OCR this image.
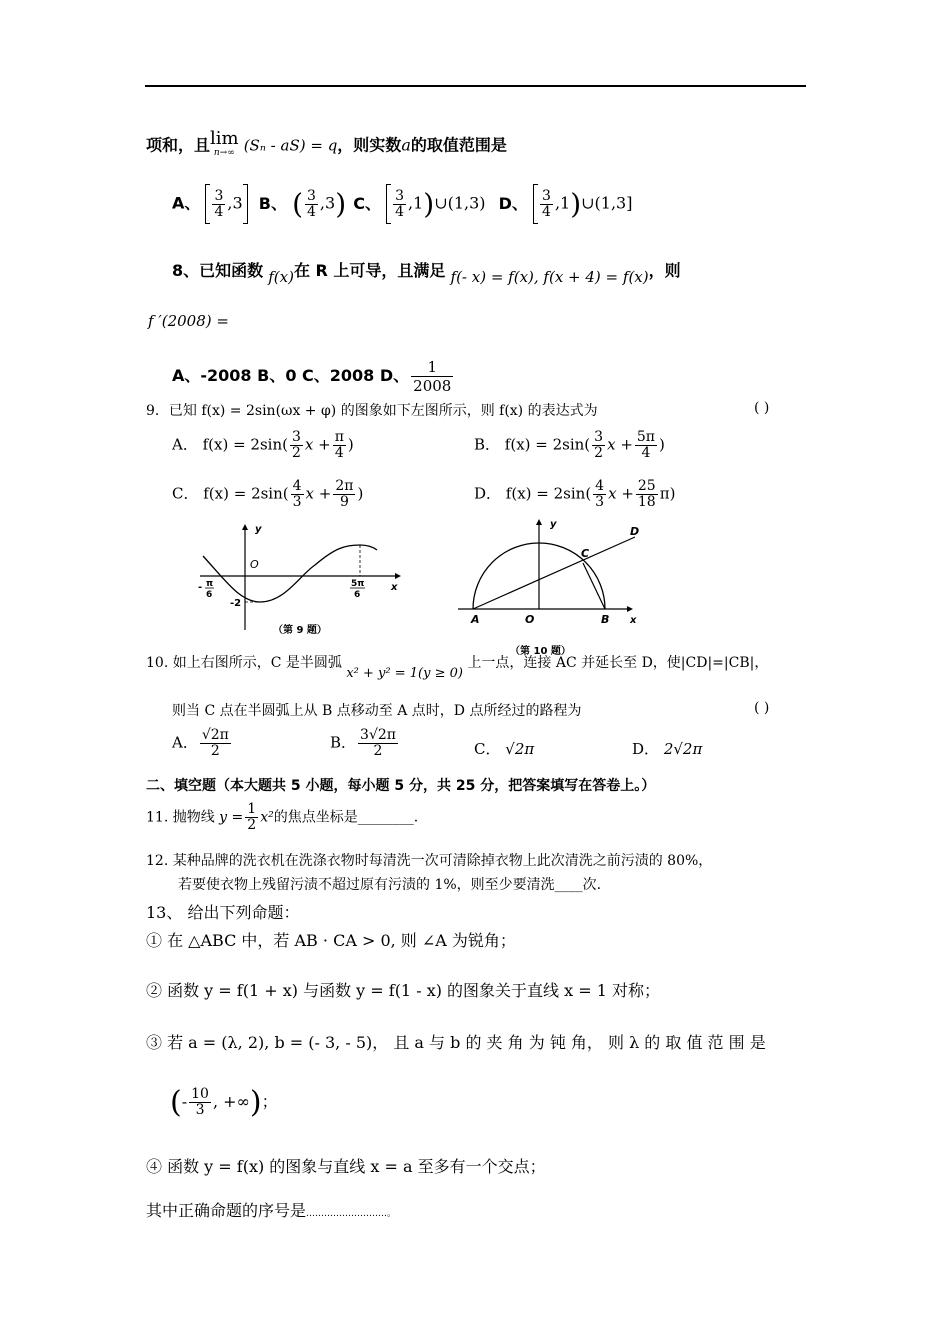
项和，且 lim
n→∞ (Sₙ - aS) = q，则实数a的取值范围是
A、 $\frac{3}{4} ,3$ B、 ( $\frac{3}{4} ,3$) C、 $\frac{3}{4}$ ,1)∪(1,3) D、 $\frac{3}{4}$ ,1)∪(1,3]
8、已知函数 f(x)在 R 上可导，且满足 f(- x) = f(x), f(x + 4) = f(x)，则
f ′(2008) =
A、-2008 B、0 C、2008 D、 $\frac{1}{2008}$
9．已知 f(x) = 2sin(ωx + φ) 的图象如下左图所示，则 f(x) 的表达式为	( )
A． $f(x) = 2\sin( \frac{3}{2}$ $x + \frac{\pi}{4}$ )	B． $f(x) = 2\sin( \frac{3}{2}$ $x + \frac{5\pi}{4}$ )
C． $f(x) = 2\sin( \frac{4}{3}$ $x + \frac{2\pi}{9}$ )	D． $f(x) = 2\sin( \frac{4}{3}$ $x + \frac{25}{18} \pi$)
y
O
x
-2
- π
6
5π
6
（第 9 题）
y
C
D
A	O	B x
（第 10 题）
10. 如上右图所示，C 是半圆弧 x² + y² = 1(y ≥ 0) 上一点，连接 AC 并延长至 D，使|CD|=|CB|，
则当 C 点在半圆弧上从 B 点移动至 A 点时，D 点所经过的路程为	( )
A． $\frac{√2\pi}{2}$	B． $\frac{3√2\pi}{2}$	C． √2π	D． 2√2π
二、填空题（本大题共 5 小题，每小题 5 分，共 25 分，把答案填写在答卷上。）
11. 抛物线 $y = \frac{1}{2} x^2$的焦点坐标是________.
12. 某种品牌的洗衣机在洗涤衣物时每清洗一次可清除掉衣物上此次清洗之前污渍的 80%，
若要使衣物上残留污渍不超过原有污渍的 1%，则至少要清洗____次.
13、 给出下列命题：
① 在 △ABC 中，若 AB · CA > 0, 则 ∠A 为锐角；
② 函数 y = f(1 + x) 与函数 y = f(1 - x) 的图象关于直线 x = 1 对称；
③ 若 a = (λ, 2), b = (- 3, - 5)， 且 a 与 b 的 夹 角 为 钝 角， 则 λ 的 取 值 范 围 是
(- $\frac{10}{3}$ , +∞)；
④ 函数 y = f(x) 的图象与直线 x = a 至多有一个交点；
其中正确命题的序号是………………………。
